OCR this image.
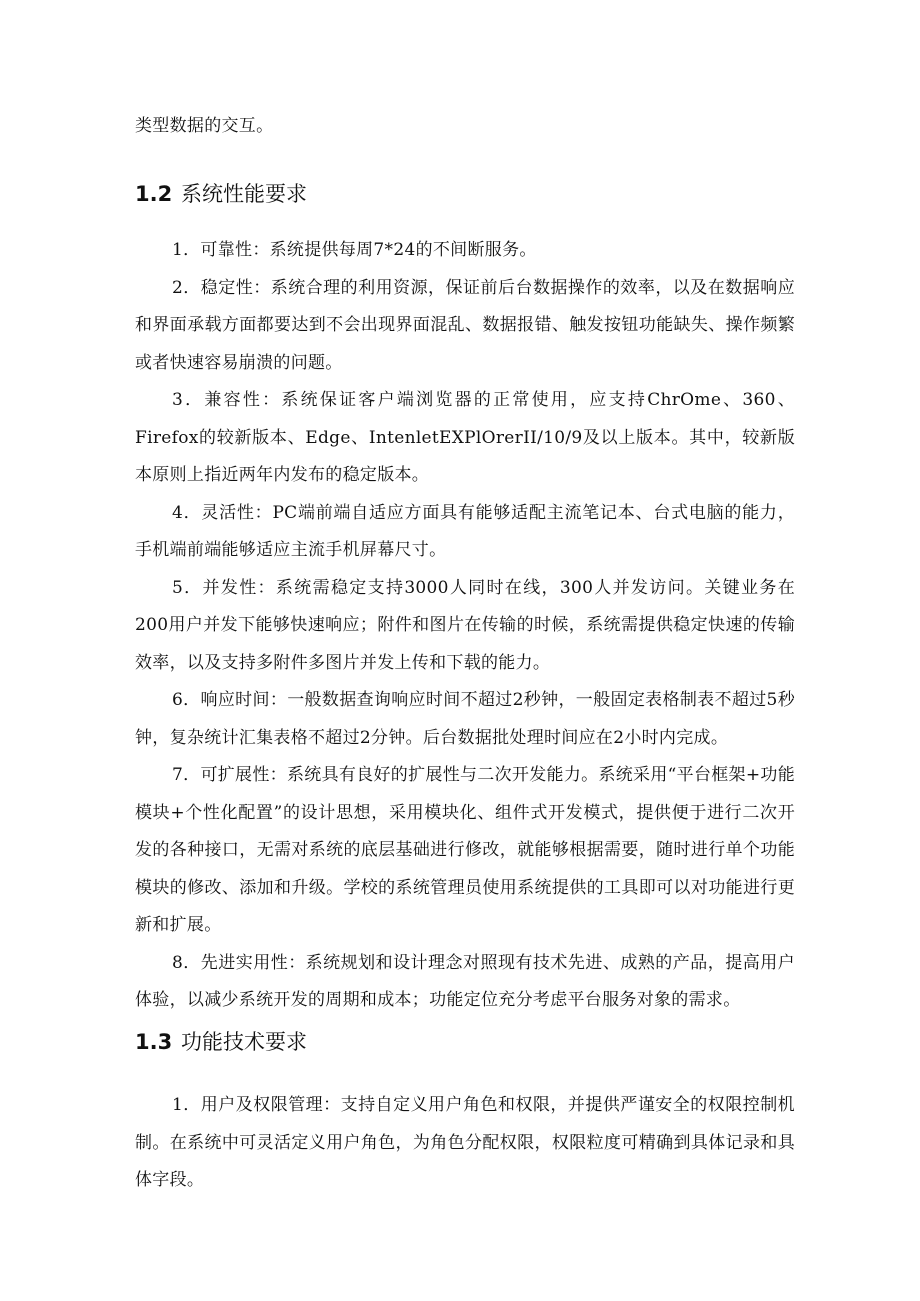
类型数据的交互。
1.2 系统性能要求
1．可靠性：系统提供每周7*24的不间断服务。
2．稳定性：系统合理的利用资源，保证前后台数据操作的效率，以及在数据响应和界面承载方面都要达到不会出现界面混乱、数据报错、触发按钮功能缺失、操作频繁或者快速容易崩溃的问题。
3．兼容性：系统保证客户端浏览器的正常使用，应支持ChrOme、360、Firefox的较新版本、Edge、IntenletEXPlOrerII/10/9及以上版本。其中，较新版本原则上指近两年内发布的稳定版本。
4．灵活性：PC端前端自适应方面具有能够适配主流笔记本、台式电脑的能力，手机端前端能够适应主流手机屏幕尺寸。
5．并发性：系统需稳定支持3000人同时在线，300人并发访问。关键业务在200用户并发下能够快速响应；附件和图片在传输的时候，系统需提供稳定快速的传输效率，以及支持多附件多图片并发上传和下载的能力。
6．响应时间：一般数据查询响应时间不超过2秒钟，一般固定表格制表不超过5秒钟，复杂统计汇集表格不超过2分钟。后台数据批处理时间应在2小时内完成。
7．可扩展性：系统具有良好的扩展性与二次开发能力。系统采用“平台框架+功能模块+个性化配置”的设计思想，采用模块化、组件式开发模式，提供便于进行二次开发的各种接口，无需对系统的底层基础进行修改，就能够根据需要，随时进行单个功能模块的修改、添加和升级。学校的系统管理员使用系统提供的工具即可以对功能进行更新和扩展。
8．先进实用性：系统规划和设计理念对照现有技术先进、成熟的产品，提高用户体验，以减少系统开发的周期和成本；功能定位充分考虑平台服务对象的需求。
1.3 功能技术要求
1．用户及权限管理：支持自定义用户角色和权限，并提供严谨安全的权限控制机制。在系统中可灵活定义用户角色，为角色分配权限，权限粒度可精确到具体记录和具体字段。
